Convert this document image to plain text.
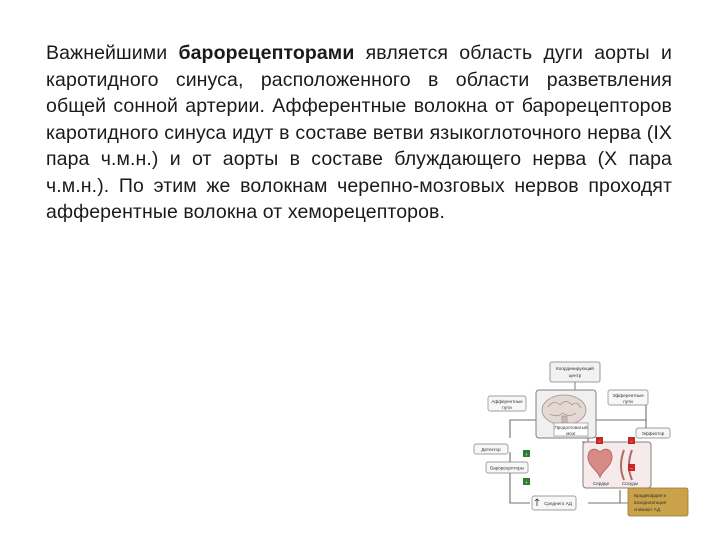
Важнейшими барорецепторами является область дуги аорты и каротидного синуса, расположенного в области разветвления общей сонной артерии. Афферентные волокна от барорецепторов каротидного синуса идут в составе ветви языкоглоточного нерва (IX пара ч.м.н.) и от аорты в составе блуждающего нерва (X пара ч.м.н.). По этим же волокнам черепно-мозговых нервов проходят афферентные волокна от хеморецепторов.

Координирующий
центр
Продолговатый
мозг
Афферентные
пути
Эфферентные
пути
Эффектор
Детектор
Барорецепторы
Сердце	Сосуды
−	−
+
+
−
Среднего АД
Брадикардия и
вазодилатация
снижают АД
